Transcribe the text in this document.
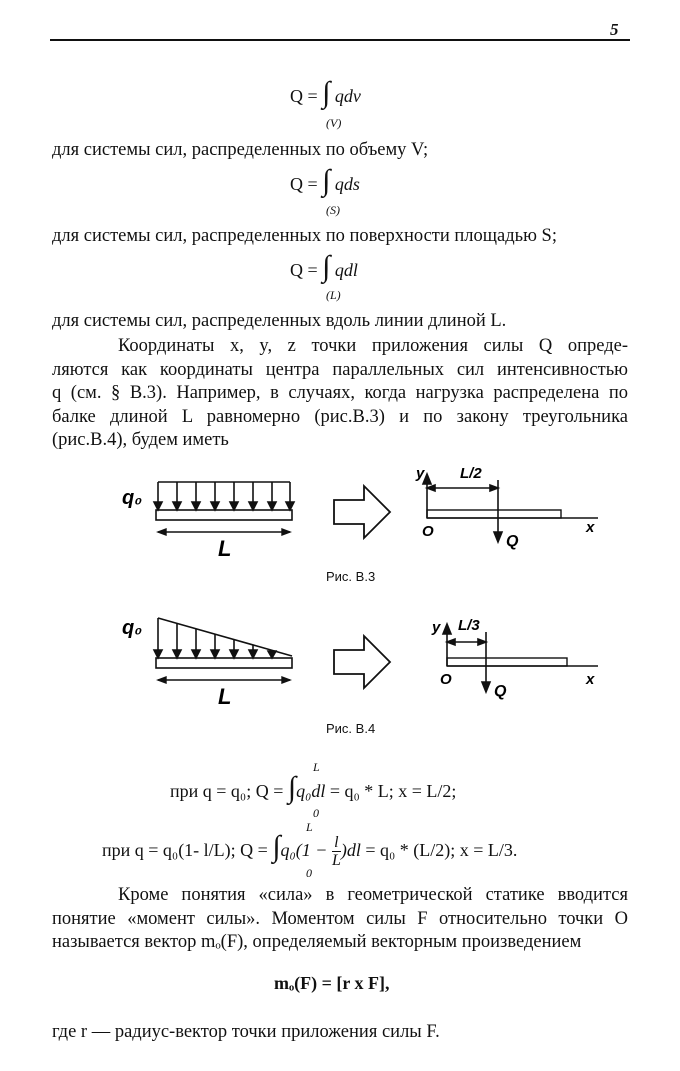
5
Q = ∫ qdv
(V)
для системы сил, распределенных по объему V;
Q = ∫ qds
(S)
для системы сил, распределенных по поверхности площадью S;
Q = ∫ qdl
(L)
для системы сил, распределенных вдоль линии длиной L.
Координаты x, y, z точки приложения силы Q опреде-
ляются как координаты центра параллельных сил интенсивностью
q (см. § B.3). Например, в случаях, когда нагрузка распределена по
балке длиной L равномерно (рис.B.3) и по закону треугольника
(рис.B.4), будем иметь
q₀
L
y L/2
O	x
Q
Рис. В.3
q₀
L
y L/3
O	x
Q
Рис. В.4
при q = q₀; Q = ∫q₀dl = q₀ * L; x = L/2;
L
0
при q = q₀(1- l/L); $Q = \int q_0(1 - \frac{l}{L} )dl = q_0 * (L/2)$; x = L/3.
L
0
Кроме понятия «сила» в геометрической статике вводится
понятие «момент силы». Моментом силы F относительно точки O
называется вектор mₒ(F), определяемый векторным произведением
mₒ(F) = [r x F],
где r — радиус-вектор точки приложения силы F.
